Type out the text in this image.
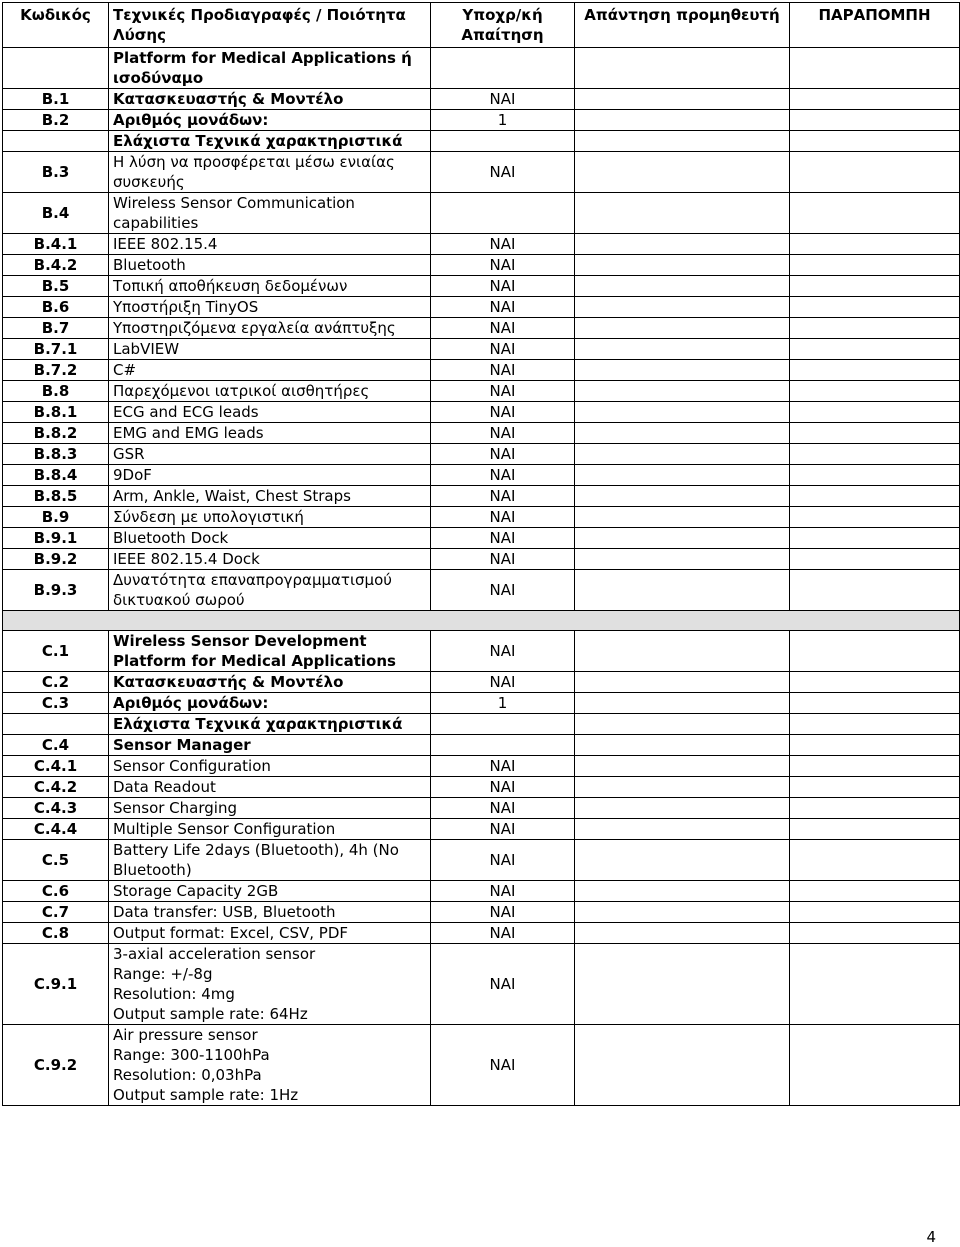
Κωδικός	Τεχνικές Προδιαγραφές / Ποιότητα Λύσης	Υποχρ/κή Απαίτηση	Απάντηση προμηθευτή	ΠΑΡΑΠΟΜΠΗ
	Platform for Medical Applications ή ισοδύναμο			
B.1	Κατασκευαστής & Μοντέλο	ΝΑΙ		
B.2	Αριθμός μονάδων:	1		
	Ελάχιστα Τεχνικά χαρακτηριστικά			
B.3	Η λύση να προσφέρεται μέσω ενιαίας συσκευής	ΝΑΙ		
B.4	Wireless Sensor Communication capabilities			
B.4.1	IEEE 802.15.4	ΝΑΙ		
B.4.2	Bluetooth	ΝΑΙ		
B.5	Τοπική αποθήκευση δεδομένων	ΝΑΙ		
B.6	Υποστήριξη TinyOS	ΝΑΙ		
B.7	Υποστηριζόμενα εργαλεία ανάπτυξης	ΝΑΙ		
B.7.1	LabVIEW	ΝΑΙ		
B.7.2	C#	ΝΑΙ		
B.8	Παρεχόμενοι ιατρικοί αισθητήρες	ΝΑΙ		
B.8.1	ECG and ECG leads	ΝΑΙ		
B.8.2	EMG and EMG leads	ΝΑΙ		
B.8.3	GSR	ΝΑΙ		
B.8.4	9DoF	ΝΑΙ		
B.8.5	Arm, Ankle, Waist, Chest Straps	ΝΑΙ		
B.9	Σύνδεση με υπολογιστική	ΝΑΙ		
B.9.1	Bluetooth Dock	ΝΑΙ		
B.9.2	IEEE 802.15.4 Dock	ΝΑΙ		
B.9.3	Δυνατότητα επαναπρογραμματισμού δικτυακού σωρού	ΝΑΙ		

C.1	Wireless Sensor Development Platform for Medical Applications	ΝΑΙ		
C.2	Κατασκευαστής & Μοντέλο	ΝΑΙ		
C.3	Αριθμός μονάδων:	1		
	Ελάχιστα Τεχνικά χαρακτηριστικά			
C.4	Sensor Manager			
C.4.1	Sensor Configuration	ΝΑΙ		
C.4.2	Data Readout	ΝΑΙ		
C.4.3	Sensor Charging	ΝΑΙ		
C.4.4	Multiple Sensor Configuration	ΝΑΙ		
C.5	Battery Life 2days (Bluetooth), 4h (No Bluetooth)	ΝΑΙ		
C.6	Storage Capacity 2GB	ΝΑΙ		
C.7	Data transfer: USB, Bluetooth	ΝΑΙ		
C.8	Output format: Excel, CSV, PDF	ΝΑΙ		
C.9.1	3-axial acceleration sensor
Range: +/-8g
Resolution: 4mg
Output sample rate: 64Hz	ΝΑΙ		
C.9.2	Air pressure sensor
Range: 300-1100hPa
Resolution: 0,03hPa
Output sample rate: 1Hz	ΝΑΙ		
4
